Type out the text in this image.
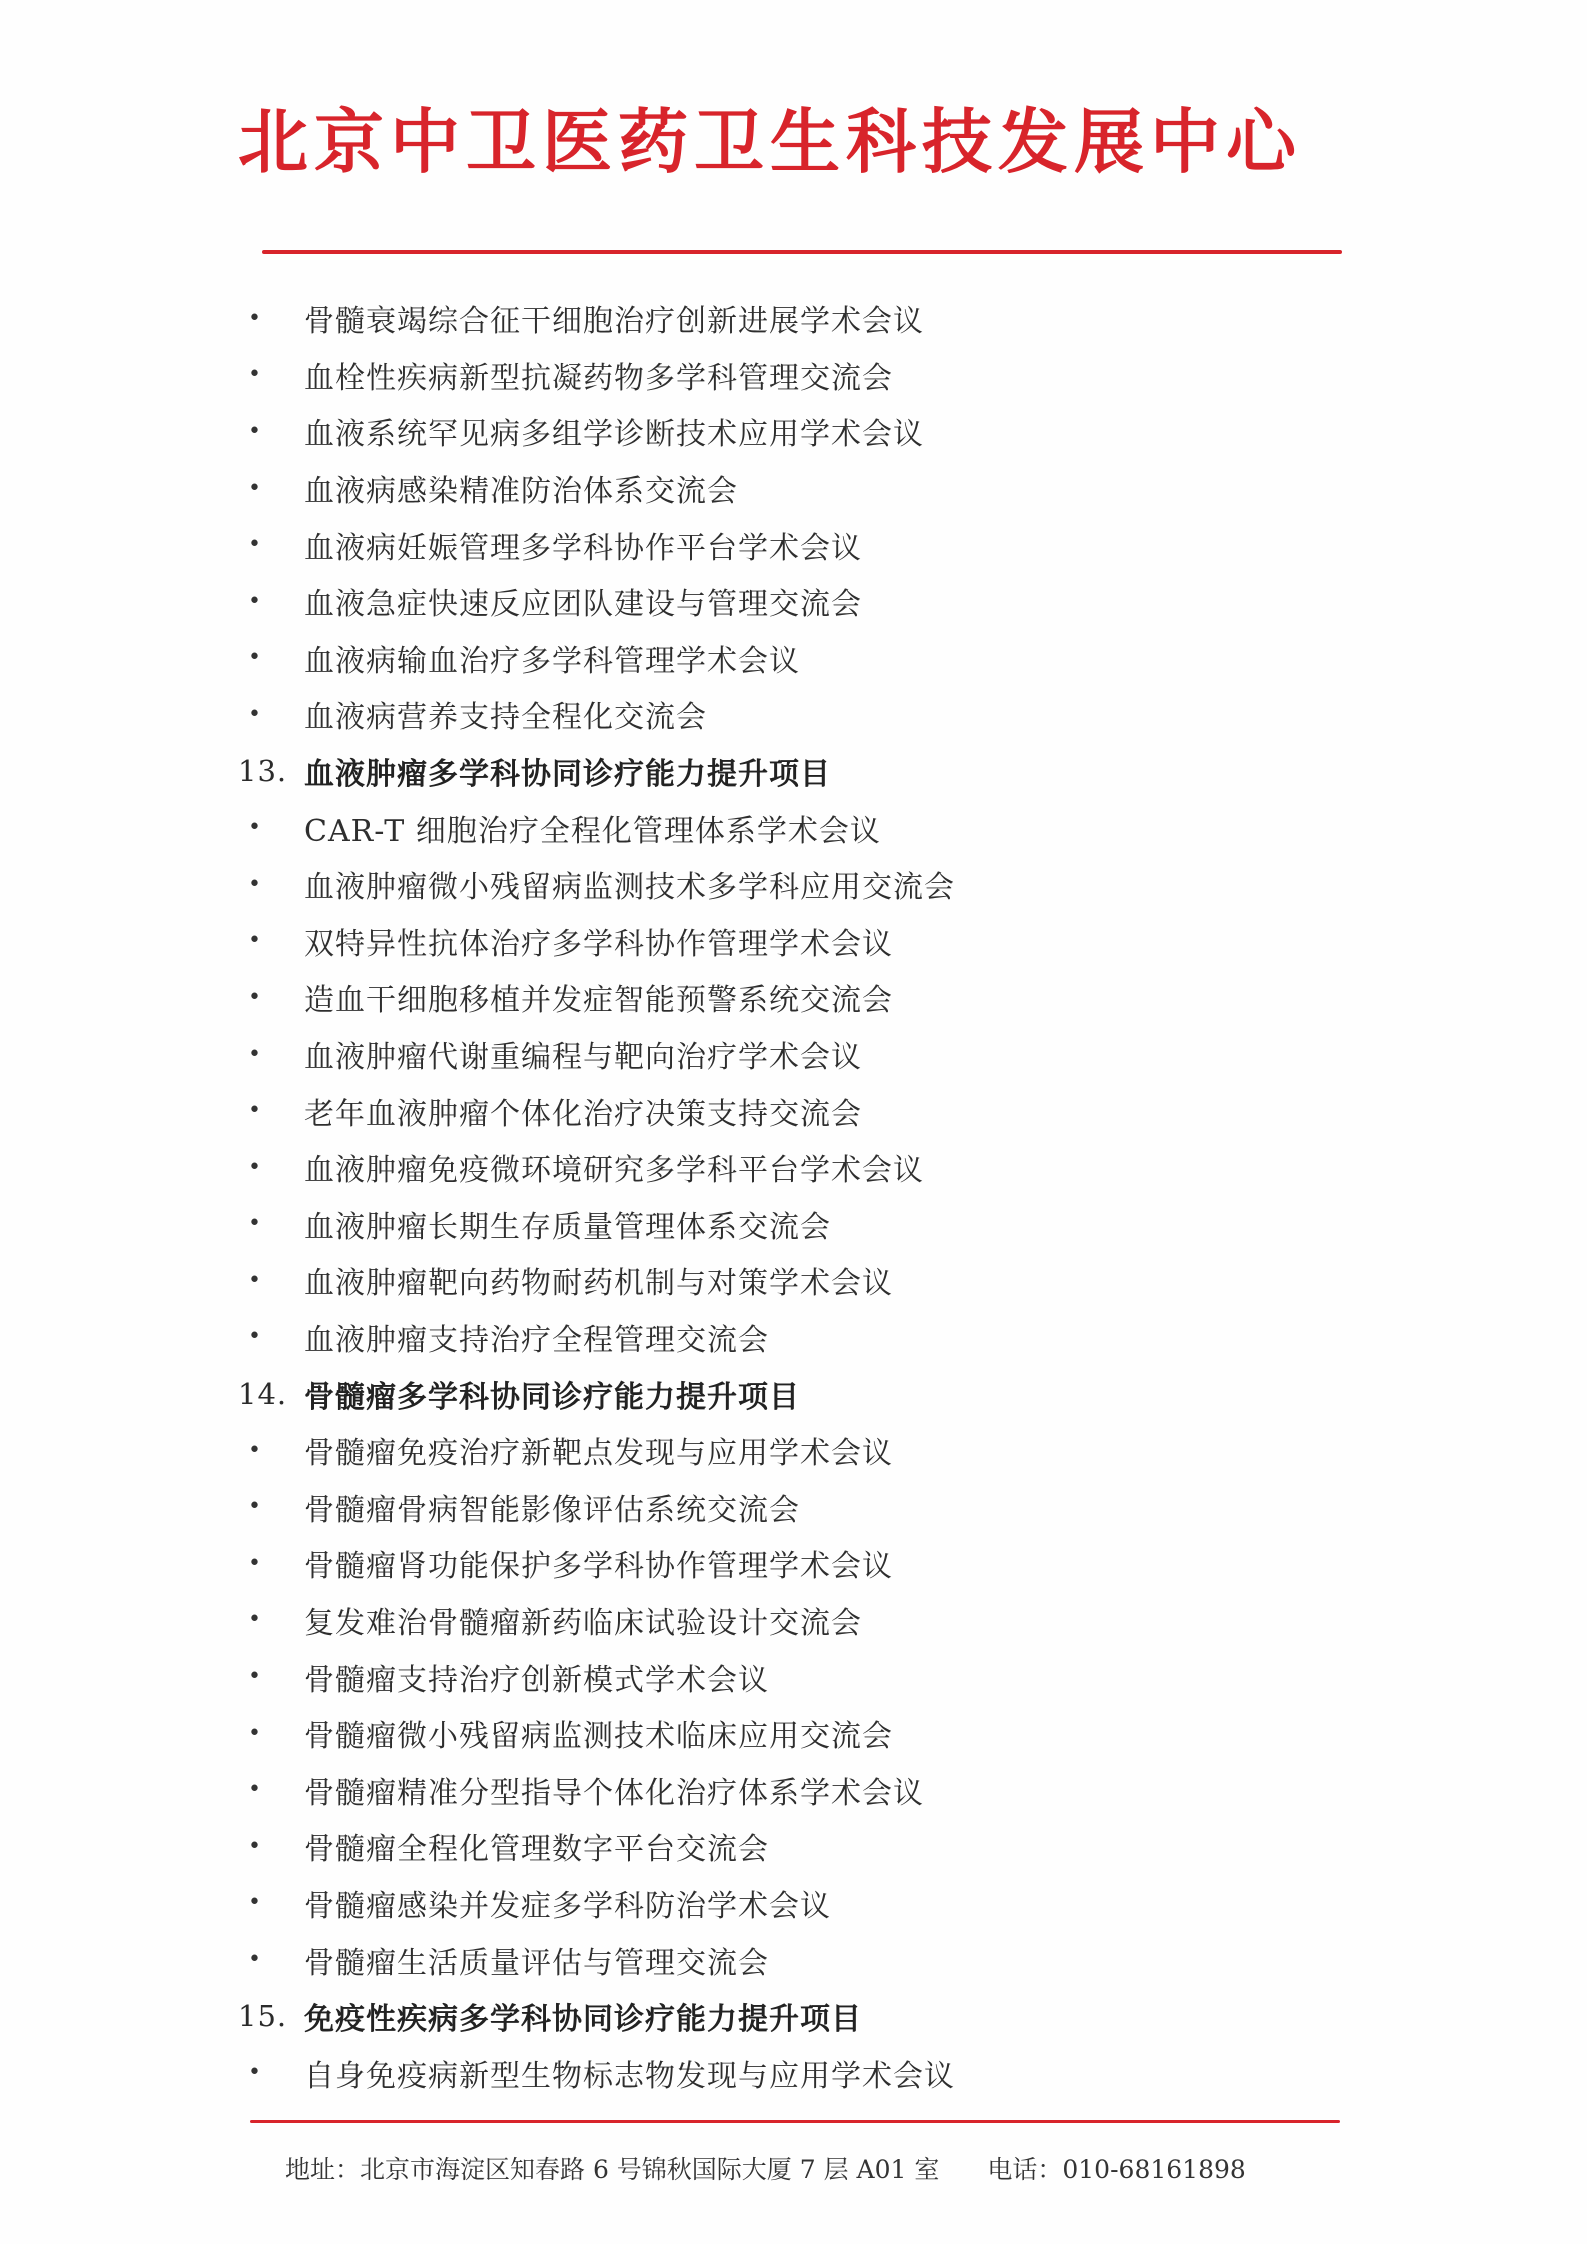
北京中卫医药卫生科技发展中心
•	骨髓衰竭综合征干细胞治疗创新进展学术会议
•	血栓性疾病新型抗凝药物多学科管理交流会
•	血液系统罕见病多组学诊断技术应用学术会议
•	血液病感染精准防治体系交流会
•	血液病妊娠管理多学科协作平台学术会议
•	血液急症快速反应团队建设与管理交流会
•	血液病输血治疗多学科管理学术会议
•	血液病营养支持全程化交流会
13. 血液肿瘤多学科协同诊疗能力提升项目
•	CAR-T 细胞治疗全程化管理体系学术会议
•	血液肿瘤微小残留病监测技术多学科应用交流会
•	双特异性抗体治疗多学科协作管理学术会议
•	造血干细胞移植并发症智能预警系统交流会
•	血液肿瘤代谢重编程与靶向治疗学术会议
•	老年血液肿瘤个体化治疗决策支持交流会
•	血液肿瘤免疫微环境研究多学科平台学术会议
•	血液肿瘤长期生存质量管理体系交流会
•	血液肿瘤靶向药物耐药机制与对策学术会议
•	血液肿瘤支持治疗全程管理交流会
14. 骨髓瘤多学科协同诊疗能力提升项目
•	骨髓瘤免疫治疗新靶点发现与应用学术会议
•	骨髓瘤骨病智能影像评估系统交流会
•	骨髓瘤肾功能保护多学科协作管理学术会议
•	复发难治骨髓瘤新药临床试验设计交流会
•	骨髓瘤支持治疗创新模式学术会议
•	骨髓瘤微小残留病监测技术临床应用交流会
•	骨髓瘤精准分型指导个体化治疗体系学术会议
•	骨髓瘤全程化管理数字平台交流会
•	骨髓瘤感染并发症多学科防治学术会议
•	骨髓瘤生活质量评估与管理交流会
15. 免疫性疾病多学科协同诊疗能力提升项目
•	自身免疫病新型生物标志物发现与应用学术会议
地址：北京市海淀区知春路 6 号锦秋国际大厦 7 层 A01 室 电话：010-68161898
